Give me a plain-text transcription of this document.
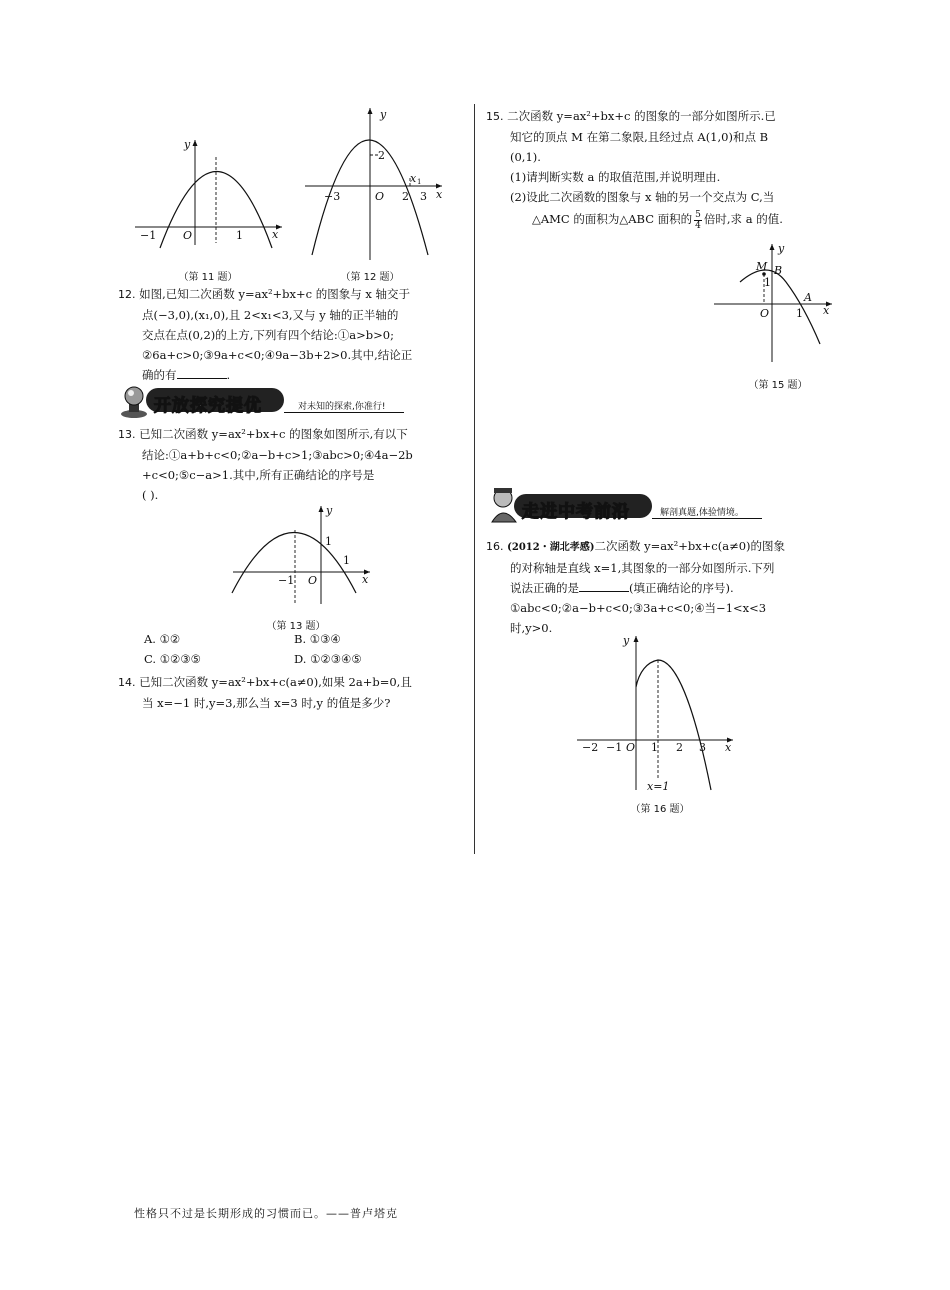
y
x
O
−1	1
（第 11 题）
y
x
O
2
−3	2 3
x 1
（第 12 题）

12. 如图,已知二次函数 y=ax²+bx+c 的图象与 x 轴交于

点(−3,0),(x₁,0),且 2<x₁<3,又与 y 轴的正半轴的

交点在点(0,2)的上方,下列有四个结论:①a>b>0;

②6a+c>0;③9a+c<0;④9a−3b+2>0.其中,结论正

确的有	.

开放探究提优	对未知的探索,你准行!

13. 已知二次函数 y=ax²+bx+c 的图象如图所示,有以下

结论:①a+b+c<0;②a−b+c>1;③abc>0;④4a−2b

+c<0;⑤c−a>1.其中,所有正确结论的序号是

( ).

y
x
O
−1
1
1
（第 13 题）
A. ①②	B. ①③④
C. ①②③⑤	D. ①②③④⑤

14. 已知二次函数 y=ax²+bx+c(a≠0),如果 2a+b=0,且

当 x=−1 时,y=3,那么当 x=3 时,y 的值是多少?

15. 二次函数 y=ax²+bx+c 的图象的一部分如图所示.已

知它的顶点 M 在第二象限,且经过点 A(1,0)和点 B

(0,1).

(1)请判断实数 a 的取值范围,并说明理由.

(2)设此二次函数的图象与 x 轴的另一个交点为 C,当

△AMC 的面积为△ABC 面积的 $\frac{5}{4}$ 倍时,求 a 的值.

y
x
O
M B
A
1
1
（第 15 题）
走进中考前沿	解剖真题,体验情境。

16. (2012・湖北孝感)二次函数 y=ax²+bx+c(a≠0)的图象

的对称轴是直线 x=1,其图象的一部分如图所示.下列

说法正确的是	(填正确结论的序号).

①abc<0;②a−b+c<0;③3a+c<0;④当−1<x<3

时,y>0.

y
x
−2 −1 O 1 2 3
x=1
（第 16 题）
性格只不过是长期形成的习惯而已。——普卢塔克
